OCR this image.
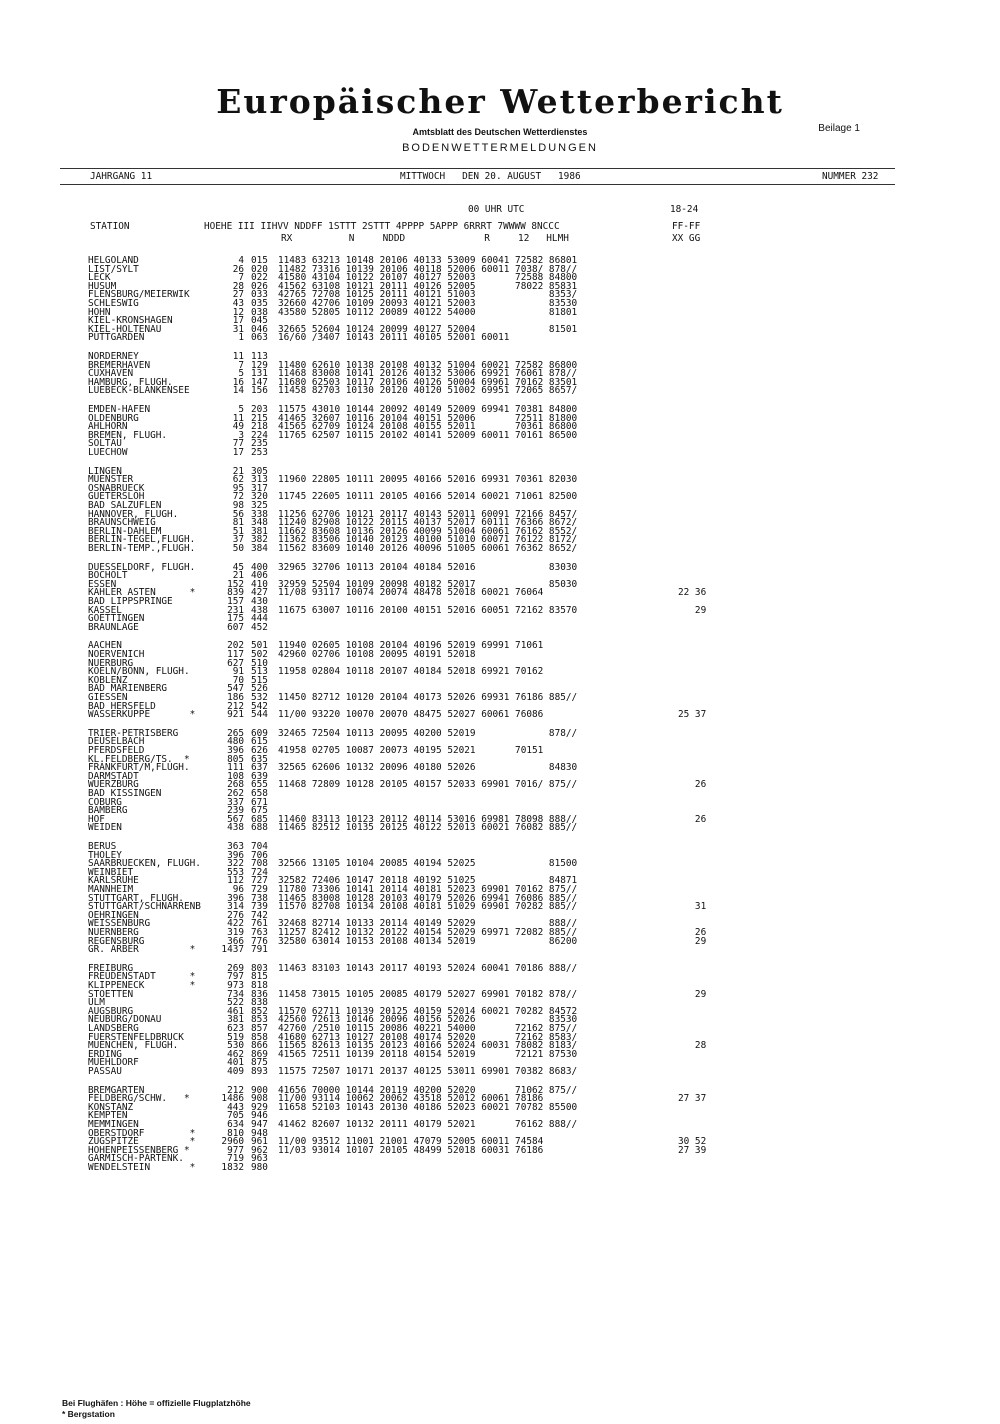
Europäischer Wetterbericht
Amtsblatt des Deutschen Wetterdienstes	Beilage 1
BODENWETTERMELDUNGEN
JAHRGANG 11	MITTWOCH   DEN 20. AUGUST   1986	NUMMER 232
00 UHR UTC	18-24
STATION	HOEHE III IIHVV NDDFF 1STTT 2STTT 4PPPP 5APPP 6RRRT 7WWWW 8NCCC
RX          N     NDDD              R     12   HLMH
FF-FF
XX GG
HELGOLAND	4 015 11483 63213 10148 20106 40133 53009 60041 72582 86801
LIST/SYLT	26 020 11482 73316 10139 20106 40118 52006 60011 7038/ 878//
LECK	7 022 41580 43104 10122 20107 40127 52003       72588 84800
HUSUM	28 026 41562 63108 10121 20111 40126 52005       78022 85831
FLENSBURG/MEIERWIK	27 033 42765 72708 10125 20111 40121 51003             8353/
SCHLESWIG	43 035 32660 42706 10109 20093 40121 52003             83530
HOHN	12 038 43580 52805 10112 20089 40122 54000             81801
KIEL-KRONSHAGEN	17 045
KIEL-HOLTENAU	31 046 32665 52604 10124 20099 40127 52004             81501
PUTTGARDEN	1 063 16/60 /3407 10143 20111 40105 52001 60011
NORDERNEY	11 113
BREMERHAVEN	7 129 11480 62610 10138 20108 40132 51004 60021 72582 86800
CUXHAVEN	5 131 11468 83008 10141 20126 40132 53006 69921 76061 878//
HAMBURG, FLUGH.	16 147 11680 62503 10117 20106 40126 50004 69961 70162 83501
LUEBECK-BLANKENSEE	14 156 11458 82703 10130 20120 40120 51002 69951 72065 8657/
EMDEN-HAFEN	5 203 11575 43010 10144 20092 40149 52009 69941 70381 84800
OLDENBURG	11 215 41465 32607 10116 20104 40151 52006       72511 81800
AHLHORN	49 218 41565 62709 10124 20108 40155 52011       70361 86800
BREMEN, FLUGH.	3 224 11765 62507 10115 20102 40141 52009 60011 70161 86500
SOLTAU	77 235
LUECHOW	17 253
LINGEN	21 305
MUENSTER	62 313 11960 22805 10111 20095 40166 52016 69931 70361 82030
OSNABRUECK	95 317
GUETERSLOH	72 320 11745 22605 10111 20105 40166 52014 60021 71061 82500
BAD SALZUFLEN	98 325
HANNOVER, FLUGH.	56 338 11256 62706 10121 20117 40143 52011 60091 72166 8457/
BRAUNSCHWEIG	81 348 11240 82908 10122 20115 40137 52017 60111 76366 8672/
BERLIN-DAHLEM	51 381 11662 83608 10136 20126 40099 51004 60061 76162 8552/
BERLIN-TEGEL,FLUGH.	37 382 11362 83506 10140 20123 40100 51010 60071 76122 8172/
BERLIN-TEMP.,FLUGH.	50 384 11562 83609 10140 20126 40096 51005 60061 76362 8652/
DUESSELDORF, FLUGH.	45 400 32965 32706 10113 20104 40184 52016             83030
BOCHOLT	21 406
ESSEN	152 410 32959 52504 10109 20098 40182 52017             85030
KAHLER ASTEN      *	839 427 11/08 93117 10074 20074 48478 52018 60021 76064	22 36
BAD LIPPSPRINGE	157 430
KASSEL	231 438 11675 63007 10116 20100 40151 52016 60051 72162 83570	29
GOETTINGEN	175 444
BRAUNLAGE	607 452
AACHEN	202 501 11940 02605 10108 20104 40196 52019 69991 71061
NOERVENICH	117 502 42960 02706 10108 20095 40191 52018
NUERBURG	627 510
KOELN/BONN, FLUGH.	91 513 11958 02804 10118 20107 40184 52018 69921 70162
KOBLENZ	70 515
BAD MARIENBERG	547 526
GIESSEN	186 532 11450 82712 10120 20104 40173 52026 69931 76186 885//
BAD HERSFELD	212 542
WASSERKUPPE       *	921 544 11/00 93220 10070 20070 48475 52027 60061 76086	25 37
TRIER-PETRISBERG	265 609 32465 72504 10113 20095 40200 52019             878//
DEUSELBACH	480 615
PFERDSFELD	396 626 41958 02705 10087 20073 40195 52021       70151
KL.FELDBERG/TS.  *	805 635
FRANKFURT/M,FLUGH.	111 637 32565 62606 10132 20096 40180 52026             84830
DARMSTADT	108 639
WUERZBURG	268 655 11468 72809 10128 20105 40157 52033 69901 7016/ 875//	26
BAD KISSINGEN	262 658
COBURG	337 671
BAMBERG	239 675
HOF	567 685 11460 83113 10123 20112 40114 53016 69981 78098 888//	26
WEIDEN	438 688 11465 82512 10135 20125 40122 52013 60021 76082 885//
BERUS	363 704
THOLEY	396 706
SAARBRUECKEN, FLUGH.	322 708 32566 13105 10104 20085 40194 52025             81500
WEINBIET	553 724
KARLSRUHE	112 727 32582 72406 10147 20118 40192 51025             84871
MANNHEIM	96 729 11780 73306 10141 20114 40181 52023 69901 70162 875//
STUTTGART, FLUGH.	396 738 11465 83008 10128 20103 40179 52026 69941 76086 885//
STUTTGART/SCHNARRENB	314 739 11570 82708 10134 20108 40181 51029 69901 70282 885//	31
OEHRINGEN	276 742
WEISSENBURG	422 761 32468 82714 10133 20114 40149 52029             888//
NUERNBERG	319 763 11257 82412 10132 20122 40154 52029 69971 72082 885//	26
REGENSBURG	366 776 32580 63014 10153 20108 40134 52019             86200	29
GR. ARBER         *	1437 791
FREIBURG	269 803 11463 83103 10143 20117 40193 52024 60041 70186 888//
FREUDENSTADT      *	797 815
KLIPPENECK        *	973 818
STOETTEN	734 836 11458 73015 10105 20085 40179 52027 69901 70182 878//	29
ULM	522 838
AUGSBURG	461 852 11570 62711 10139 20125 40159 52014 60021 70282 84572
NEUBURG/DONAU	381 853 42560 72613 10146 20096 40156 52026             83530
LANDSBERG	623 857 42760 /2510 10115 20086 40221 54000       72162 875//
FUERSTENFELDBRUCK	519 858 41680 62713 10127 20108 40174 52020       72162 8583/
MUENCHEN, FLUGH.	530 866 11565 82613 10135 20123 40166 52024 60031 78082 8183/	28
ERDING	462 869 41565 72511 10139 20118 40154 52019       72121 87530
MUEHLDORF	401 875
PASSAU	409 893 11575 72507 10171 20137 40125 53011 69901 70382 8683/
BREMGARTEN	212 900 41656 70000 10144 20119 40200 52020       71062 875//
FELDBERG/SCHW.   *	1486 908 11/00 93114 10062 20062 43518 52012 60061 78186	27 37
KONSTANZ	443 929 11658 52103 10143 20130 40186 52023 60021 70782 85500
KEMPTEN	705 946
MEMMINGEN	634 947 41462 82607 10132 20111 40179 52021       76162 888//
OBERSTDORF        *	810 948
ZUGSPITZE         *	2960 961 11/00 93512 11001 21001 47079 52005 60011 74584	30 52
HOHENPEISSENBERG *	977 962 11/03 93014 10107 20105 48499 52018 60031 76186	27 39
GARMISCH-PARTENK.	719 963
WENDELSTEIN       *	1832 980
Bei Flughäfen : Höhe = offizielle Flugplatzhöhe
* Bergstation
